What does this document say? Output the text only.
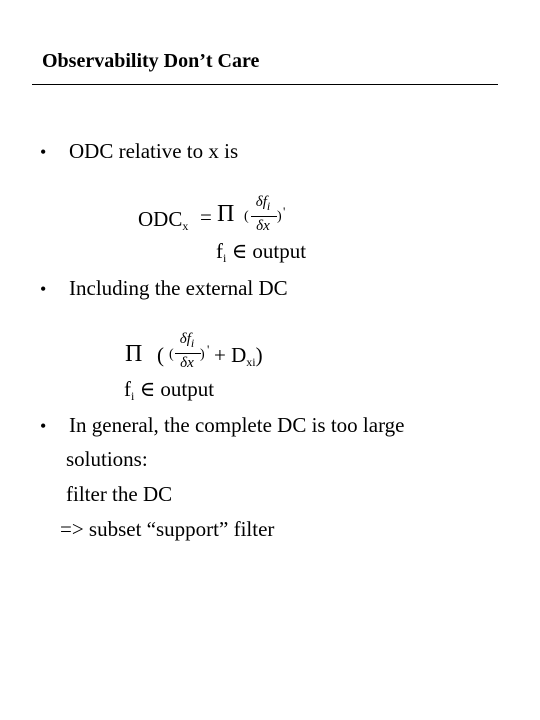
Observability Don’t Care
• ODC relative to x is
$ODC_x = \Pi$ (
$\delta f_i$
δx
) '
$f_i$ ∈ output
• Including the external DC
Π ( (
$\delta f_i$
δx
) ' + $D_{xi}$)
$f_i$ ∈ output
• In general, the complete DC is too large
solutions:
filter the DC
=> subset “support” filter
